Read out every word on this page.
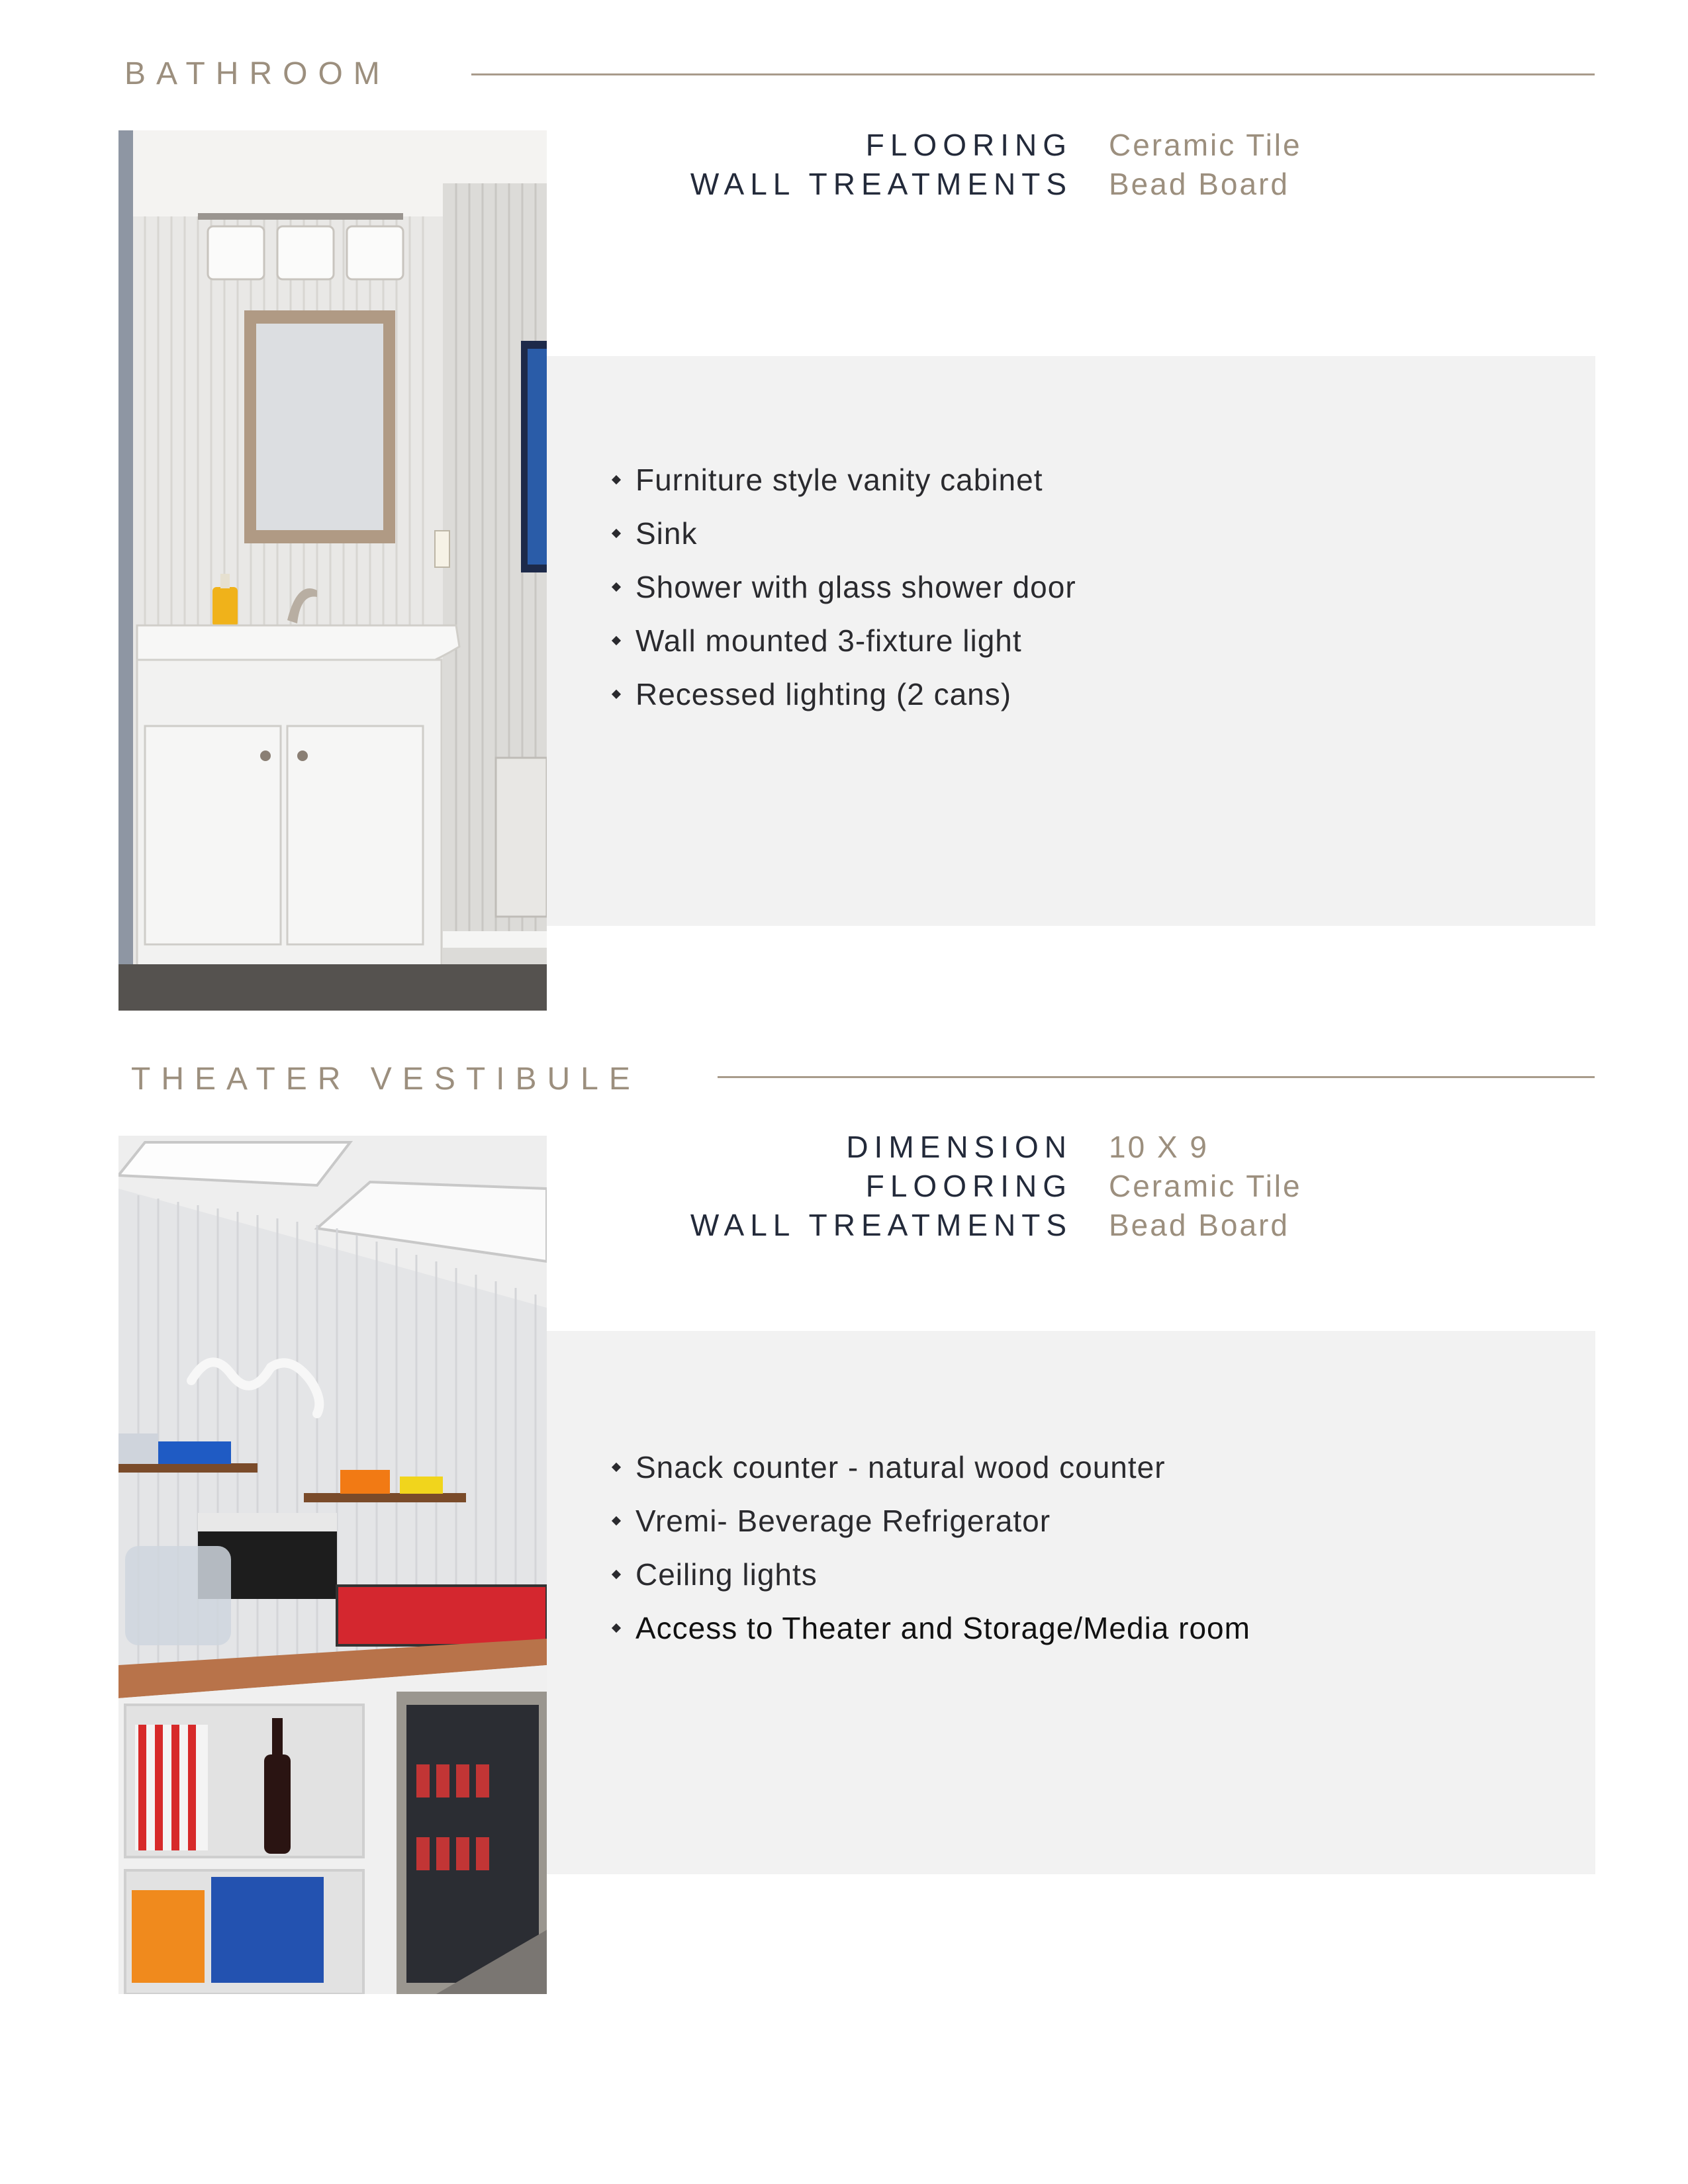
BATHROOM
FLOORING Ceramic Tile
WALL TREATMENTS Bead Board
Furniture style vanity cabinet
Sink
Shower with glass shower door
Wall mounted 3-fixture light
Recessed lighting (2 cans)
THEATER VESTIBULE
DIMENSION 10 X 9
FLOORING Ceramic Tile
WALL TREATMENTS Bead Board
Snack counter - natural wood counter
Vremi- Beverage Refrigerator
Ceiling lights
Access to Theater and Storage/Media room
